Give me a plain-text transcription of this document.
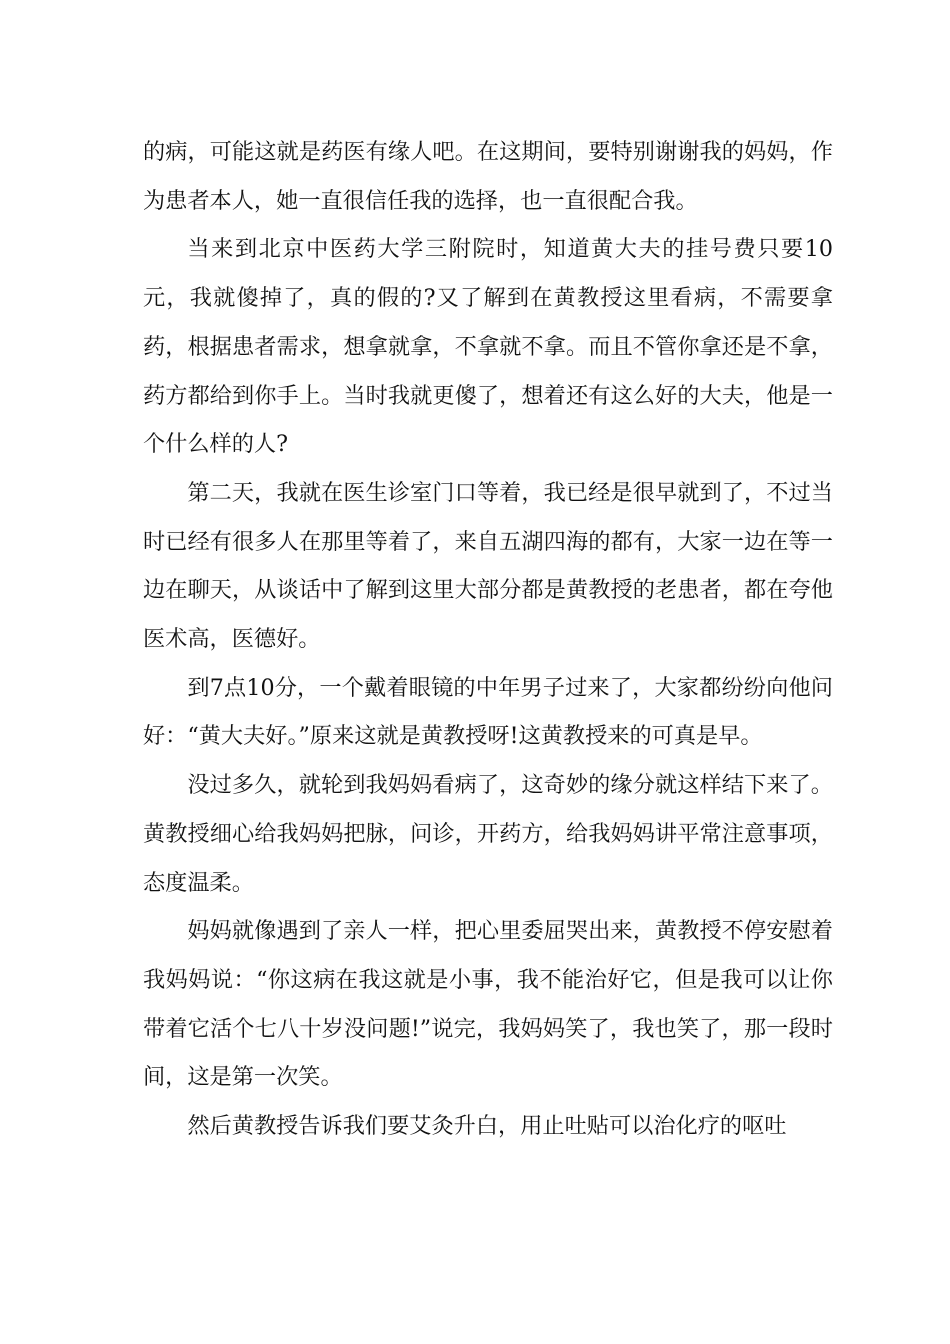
的病，可能这就是药医有缘人吧。在这期间，要特别谢谢我的妈妈，作为患者本人，她一直很信任我的选择，也一直很配合我。

当来到北京中医药大学三附院时，知道黄大夫的挂号费只要10元，我就傻掉了，真的假的?又了解到在黄教授这里看病，不需要拿药，根据患者需求，想拿就拿，不拿就不拿。而且不管你拿还是不拿，药方都给到你手上。当时我就更傻了，想着还有这么好的大夫，他是一个什么样的人?

第二天，我就在医生诊室门口等着，我已经是很早就到了，不过当时已经有很多人在那里等着了，来自五湖四海的都有，大家一边在等一边在聊天，从谈话中了解到这里大部分都是黄教授的老患者，都在夸他医术高，医德好。

到7点10分，一个戴着眼镜的中年男子过来了，大家都纷纷向他问好：“黄大夫好。”原来这就是黄教授呀!这黄教授来的可真是早。

没过多久，就轮到我妈妈看病了，这奇妙的缘分就这样结下来了。黄教授细心给我妈妈把脉，问诊，开药方，给我妈妈讲平常注意事项，态度温柔。

妈妈就像遇到了亲人一样，把心里委屈哭出来，黄教授不停安慰着我妈妈说：“你这病在我这就是小事，我不能治好它，但是我可以让你带着它活个七八十岁没问题!”说完，我妈妈笑了，我也笑了，那一段时间，这是第一次笑。

然后黄教授告诉我们要艾灸升白，用止吐贴可以治化疗的呕吐
